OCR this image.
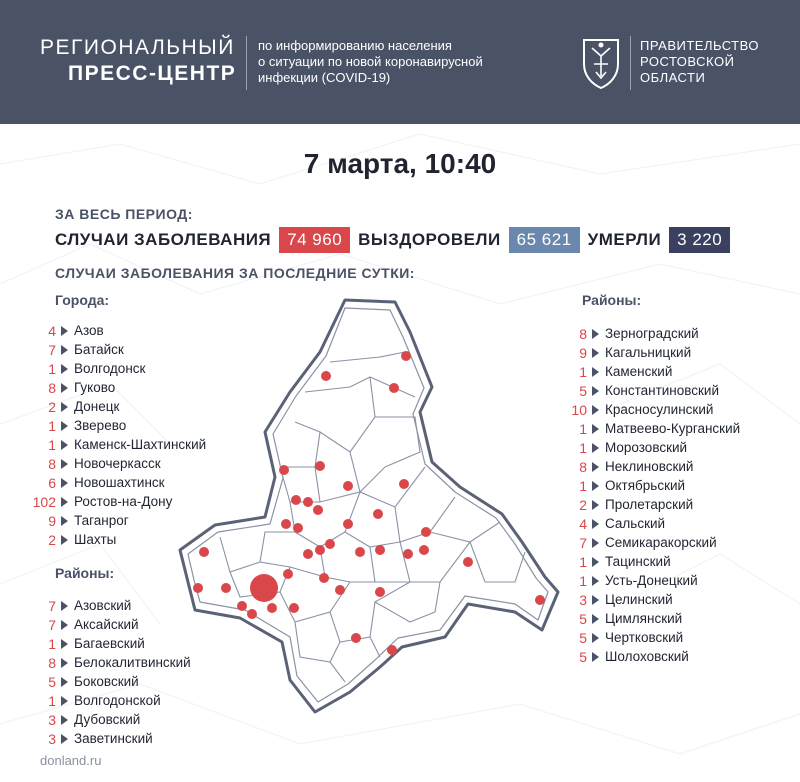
РЕГИОНАЛЬНЫЙ
ПРЕСС-ЦЕНТР
по информированию населения
о ситуации по новой коронавирусной
инфекции (COVID-19)
ПРАВИТЕЛЬСТВО
РОСТОВСКОЙ
ОБЛАСТИ
7 марта, 10:40
ЗА ВЕСЬ ПЕРИОД:
СЛУЧАИ ЗАБОЛЕВАНИЯ 74 960 ВЫЗДОРОВЕЛИ 65 621 УМЕРЛИ 3 220
СЛУЧАИ ЗАБОЛЕВАНИЯ ЗА ПОСЛЕДНИЕ СУТКИ:
Города:
4 Азов
7 Батайск
1 Волгодонск
8 Гуково
2 Донецк
1 Зверево
1 Каменск-Шахтинский
8 Новочеркасск
6 Новошахтинск
102 Ростов-на-Дону
9 Таганрог
2 Шахты
Районы:
7 Азовский
7 Аксайский
1 Багаевский
8 Белокалитвинский
5 Боковский
1 Волгодонской
3 Дубовский
3 Заветинский
Районы:
8 Зерноградский
9 Кагальницкий
1 Каменский
5 Константиновский
10 Красносулинский
1 Матвеево-Курганский
1 Морозовский
8 Неклиновский
1 Октябрьский
2 Пролетарский
4 Сальский
7 Семикаракорский
1 Тацинский
1 Усть-Донецкий
3 Целинский
5 Цимлянский
5 Чертковский
5 Шолоховский
donland.ru
